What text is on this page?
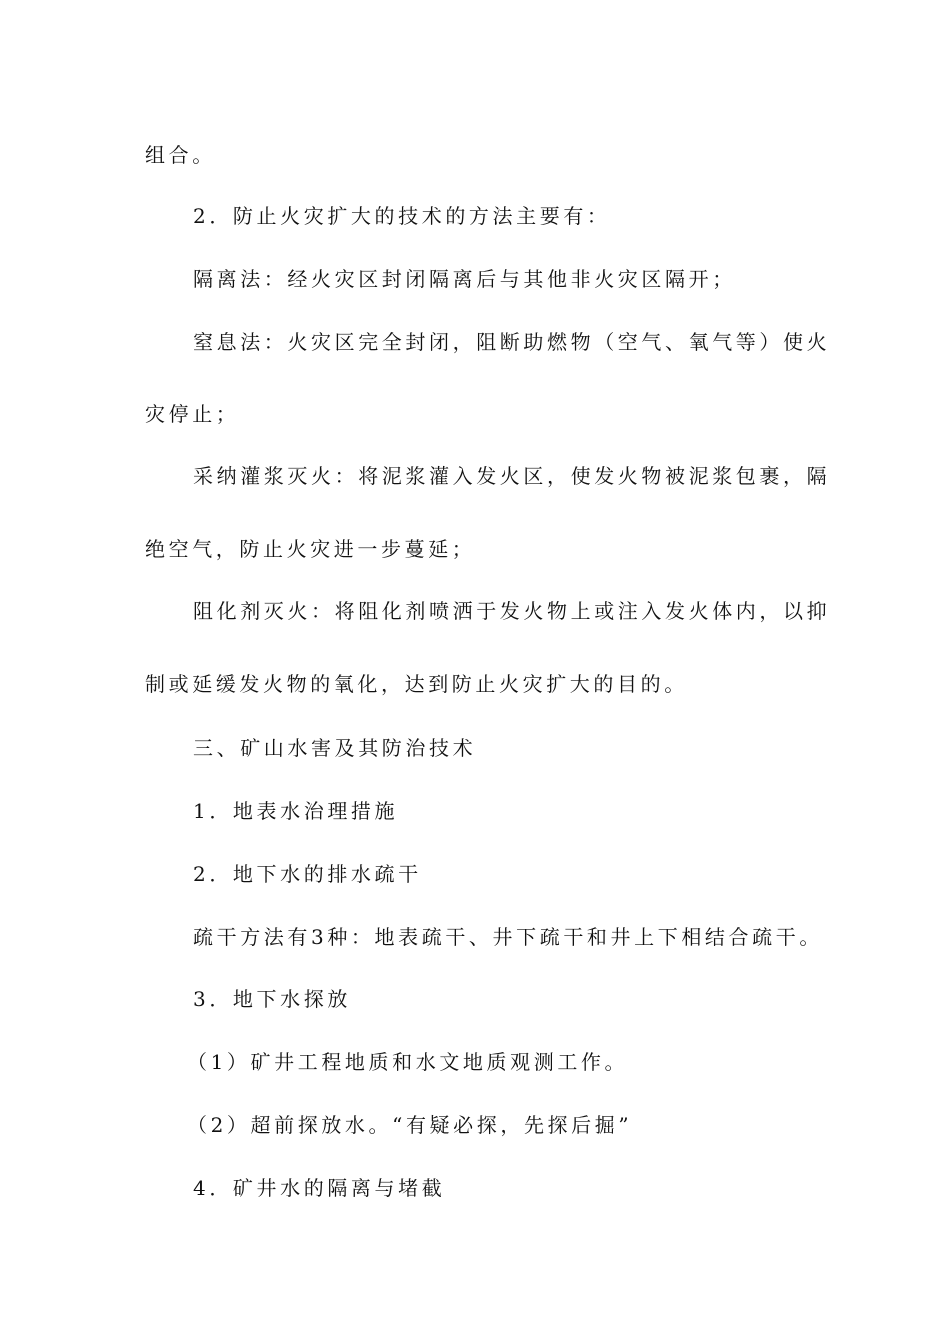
组合。
2．防止火灾扩大的技术的方法主要有：
隔离法：经火灾区封闭隔离后与其他非火灾区隔开；
窒息法：火灾区完全封闭，阻断助燃物（空气、氧气等）使火
灾停止；
采纳灌浆灭火：将泥浆灌入发火区，使发火物被泥浆包裹，隔
绝空气，防止火灾进一步蔓延；
阻化剂灭火：将阻化剂喷洒于发火物上或注入发火体内，以抑
制或延缓发火物的氧化，达到防止火灾扩大的目的。
三、矿山水害及其防治技术
1．地表水治理措施
2．地下水的排水疏干
疏干方法有3种：地表疏干、井下疏干和井上下相结合疏干。
3．地下水探放
（1）矿井工程地质和水文地质观测工作。
（2）超前探放水。“有疑必探，先探后掘”
4．矿井水的隔离与堵截
